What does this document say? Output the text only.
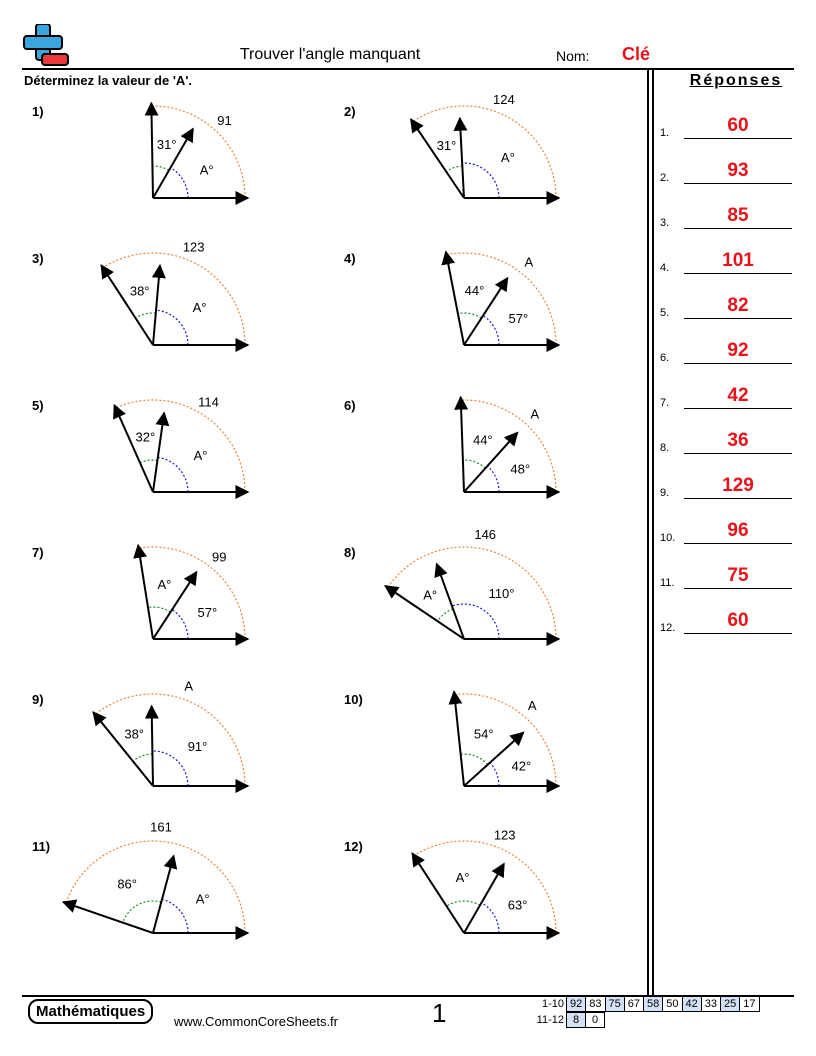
Trouver l'angle manquant	Nom: Clé
Déterminez la valeur de 'A'.	Réponses
1.	60
2.	93
3.	85
4.	101
5.	82
6.	92
7.	42
8.	36
9.	129
10.	96
11.	75
12.	60
1)
91
31°
A°
2)
124
31°
A°
3)
123
38°
A°
4)	A
44°
57°
5)	114
32°
A°
6)
A
44°
48°
7)	99
A°
57°
8)
146
A°	110°
9)
A
38°
91°
10)	A
54°
42°
11)
161
86°
A°
12)
123
A°
63°
Mathématiques
www.CommonCoreSheets.fr	1	1-10 92 83 75 67 58 50 42 33 25 17
11-12 8	0
